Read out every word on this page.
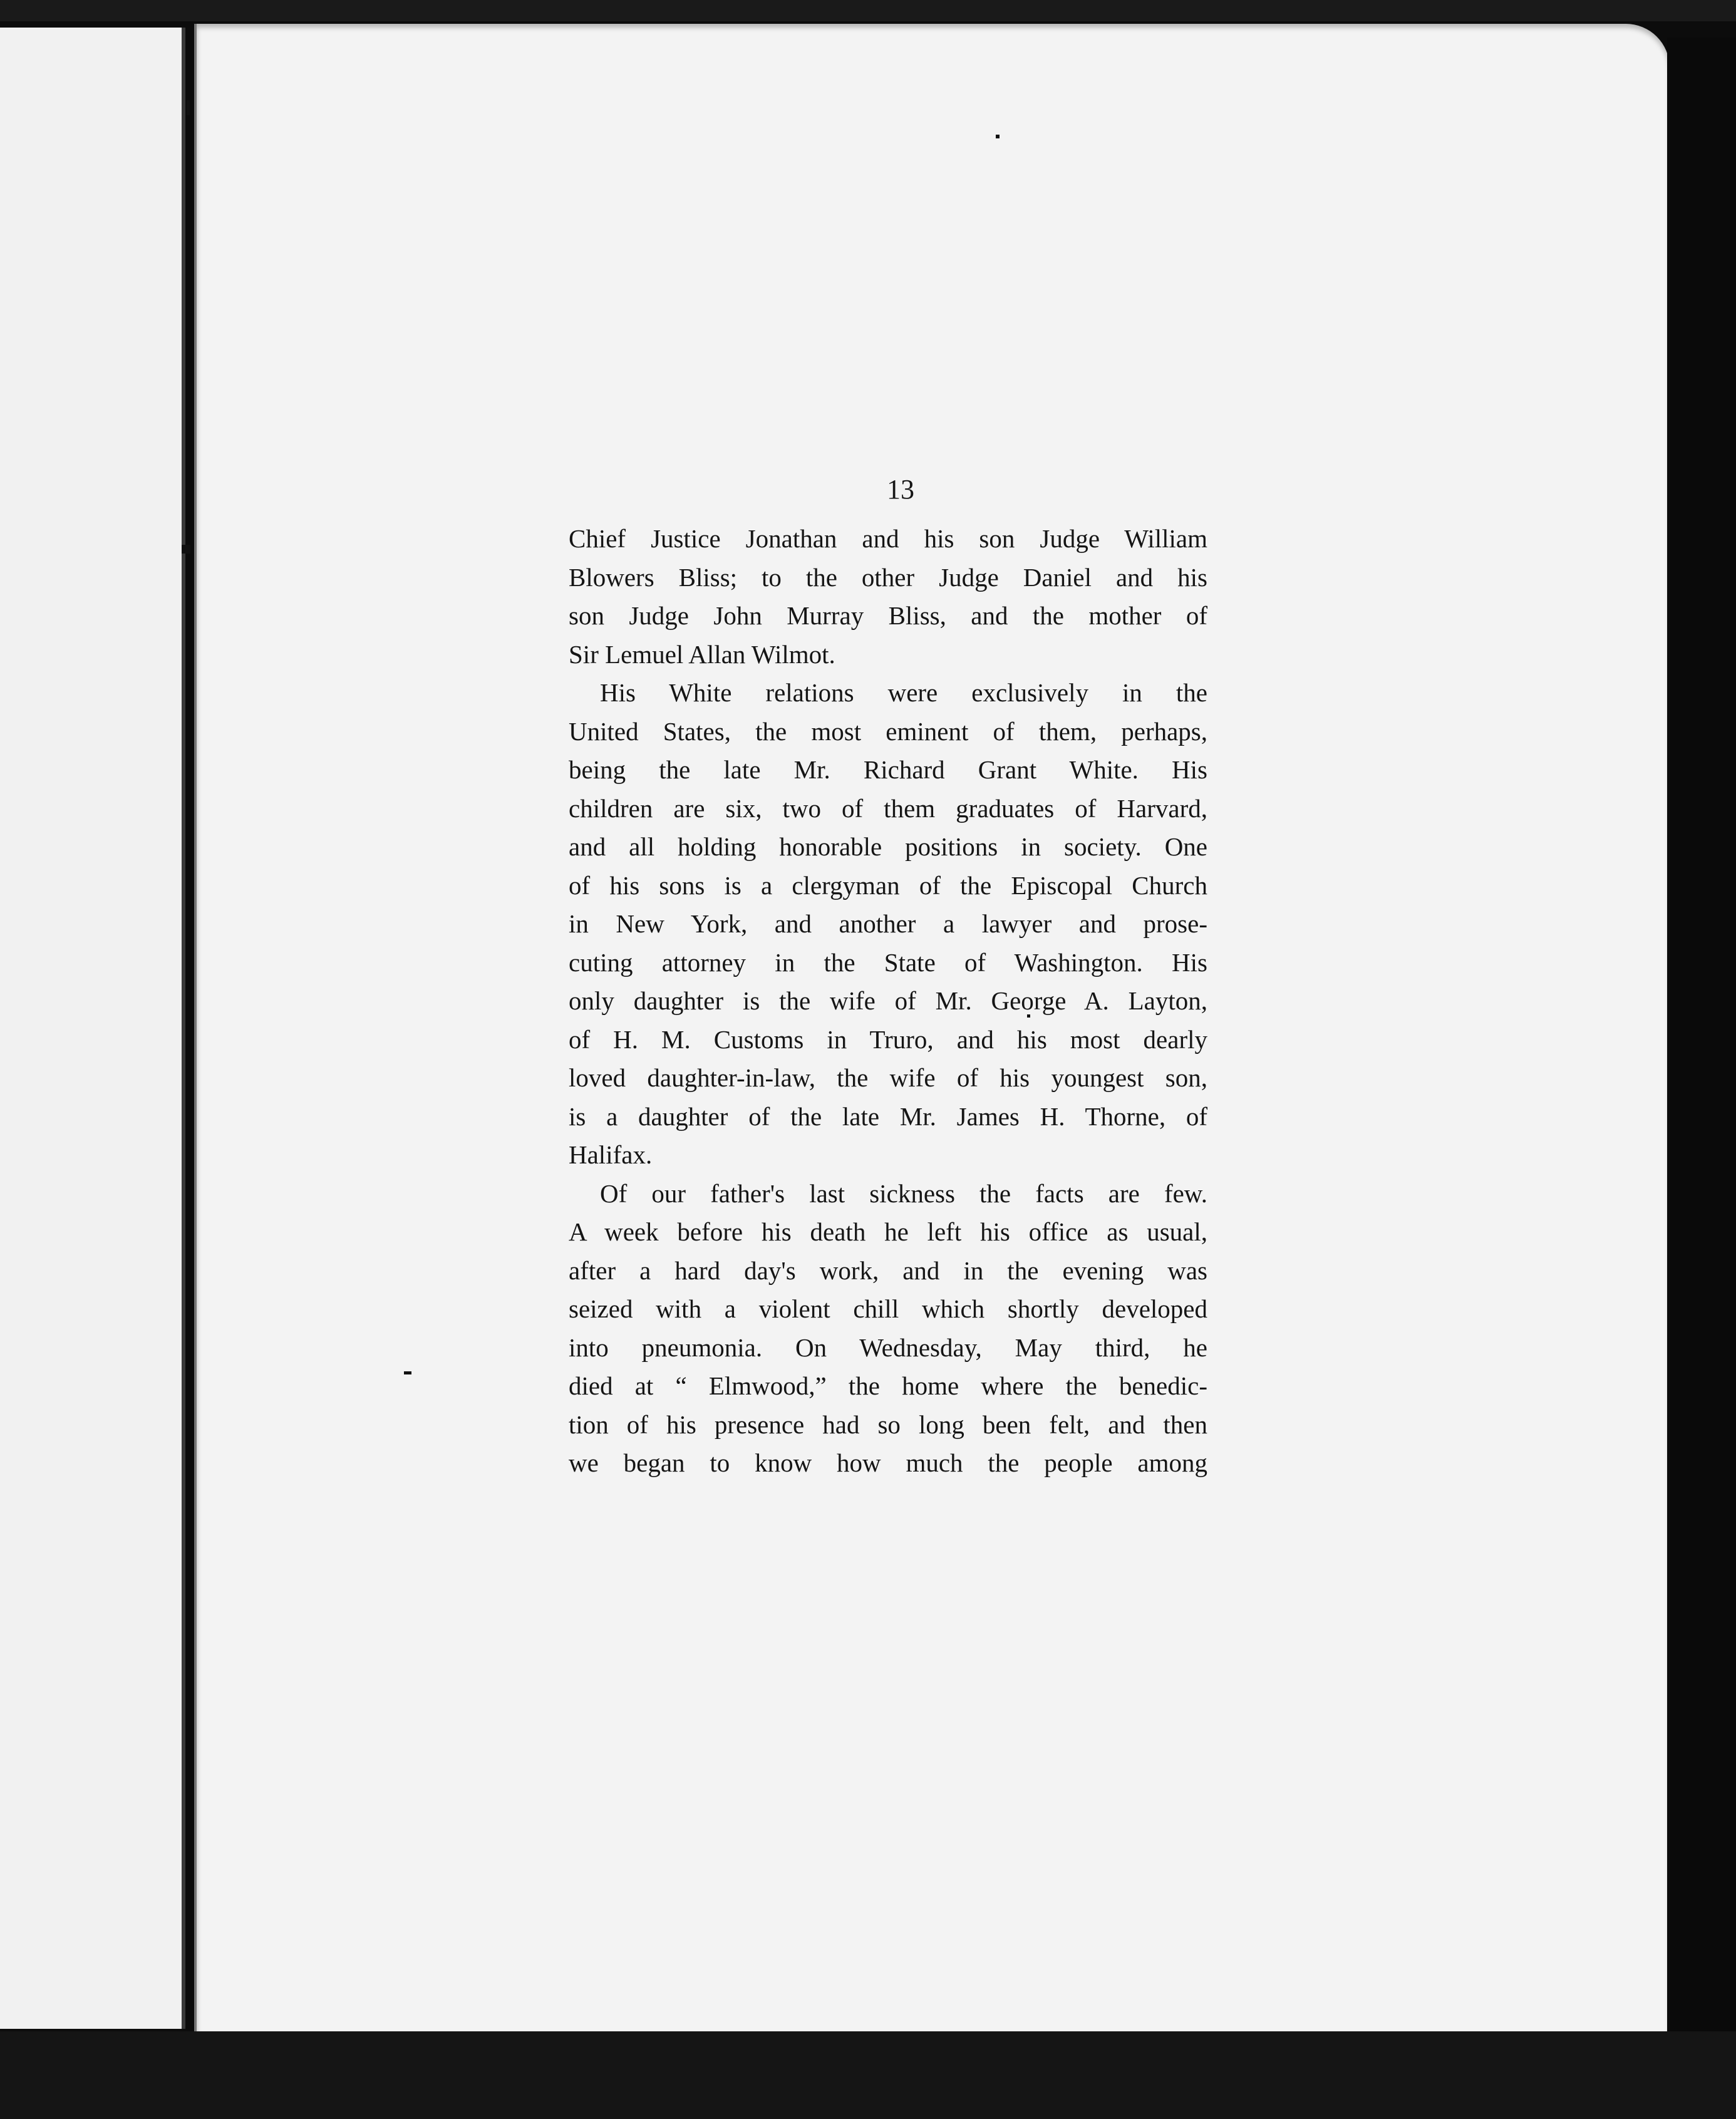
13
Chief Justice Jonathan and his son Judge William
Blowers Bliss; to the other Judge Daniel and his
son Judge John Murray Bliss, and the mother of
Sir Lemuel Allan Wilmot.
His White relations were exclusively in the
United States, the most eminent of them, perhaps,
being the late Mr. Richard Grant White. His
children are six, two of them graduates of Harvard,
and all holding honorable positions in society. One
of his sons is a clergyman of the Episcopal Church
in New York, and another a lawyer and prose-
cuting attorney in the State of Washington. His
only daughter is the wife of Mr. George A. Layton,
of H. M. Customs in Truro, and his most dearly
loved daughter-in-law, the wife of his youngest son,
is a daughter of the late Mr. James H. Thorne, of
Halifax.
Of our father's last sickness the facts are few.
A week before his death he left his office as usual,
after a hard day's work, and in the evening was
seized with a violent chill which shortly developed
into pneumonia. On Wednesday, May third, he
died at “ Elmwood,” the home where the benedic-
tion of his presence had so long been felt, and then
we began to know how much the people among
